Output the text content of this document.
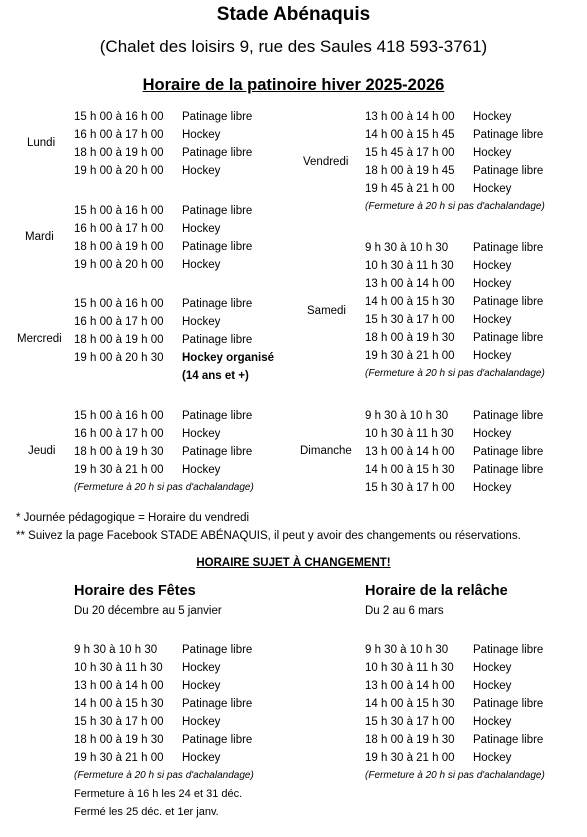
Stade Abénaquis
(Chalet des loisirs 9, rue des Saules 418 593-3761)
Horaire de la patinoire hiver 2025-2026
Lundi
15 h 00 à 16 h 00 Patinage libre
16 h 00 à 17 h 00 Hockey
18 h 00 à 19 h 00 Patinage libre
19 h 00 à 20 h 00 Hockey
Mardi
15 h 00 à 16 h 00 Patinage libre
16 h 00 à 17 h 00 Hockey
18 h 00 à 19 h 00 Patinage libre
19 h 00 à 20 h 00 Hockey
Mercredi
15 h 00 à 16 h 00 Patinage libre
16 h 00 à 17 h 00 Hockey
18 h 00 à 19 h 00 Patinage libre
19 h 00 à 20 h 30 Hockey organisé
(14 ans et +)
Jeudi
15 h 00 à 16 h 00 Patinage libre
16 h 00 à 17 h 00 Hockey
18 h 00 à 19 h 30 Patinage libre
19 h 30 à 21 h 00 Hockey
(Fermeture à 20 h si pas d'achalandage)
Vendredi
13 h 00 à 14 h 00 Hockey
14 h 00 à 15 h 45 Patinage libre
15 h 45 à 17 h 00 Hockey
18 h 00 à 19 h 45 Patinage libre
19 h 45 à 21 h 00 Hockey
(Fermeture à 20 h si pas d'achalandage)
Samedi
9 h 30 à 10 h 30 Patinage libre
10 h 30 à 11 h 30 Hockey
13 h 00 à 14 h 00 Hockey
14 h 00 à 15 h 30 Patinage libre
15 h 30 à 17 h 00 Hockey
18 h 00 à 19 h 30 Patinage libre
19 h 30 à 21 h 00 Hockey
(Fermeture à 20 h si pas d'achalandage)
Dimanche
9 h 30 à 10 h 30 Patinage libre
10 h 30 à 11 h 30 Hockey
13 h 00 à 14 h 00 Patinage libre
14 h 00 à 15 h 30 Patinage libre
15 h 30 à 17 h 00 Hockey
* Journée pédagogique = Horaire du vendredi
** Suivez la page Facebook STADE ABÉNAQUIS, il peut y avoir des changements ou réservations.
HORAIRE SUJET À CHANGEMENT!
Horaire des Fêtes
Du 20 décembre au 5 janvier
9 h 30 à 10 h 30 Patinage libre
10 h 30 à 11 h 30 Hockey
13 h 00 à 14 h 00 Hockey
14 h 00 à 15 h 30 Patinage libre
15 h 30 à 17 h 00 Hockey
18 h 00 à 19 h 30 Patinage libre
19 h 30 à 21 h 00 Hockey
(Fermeture à 20 h si pas d'achalandage)
Fermeture à 16 h les 24 et 31 déc.
Fermé les 25 déc. et 1er janv.
Horaire de la relâche
Du 2 au 6 mars
9 h 30 à 10 h 30 Patinage libre
10 h 30 à 11 h 30 Hockey
13 h 00 à 14 h 00 Hockey
14 h 00 à 15 h 30 Patinage libre
15 h 30 à 17 h 00 Hockey
18 h 00 à 19 h 30 Patinage libre
19 h 30 à 21 h 00 Hockey
(Fermeture à 20 h si pas d'achalandage)
